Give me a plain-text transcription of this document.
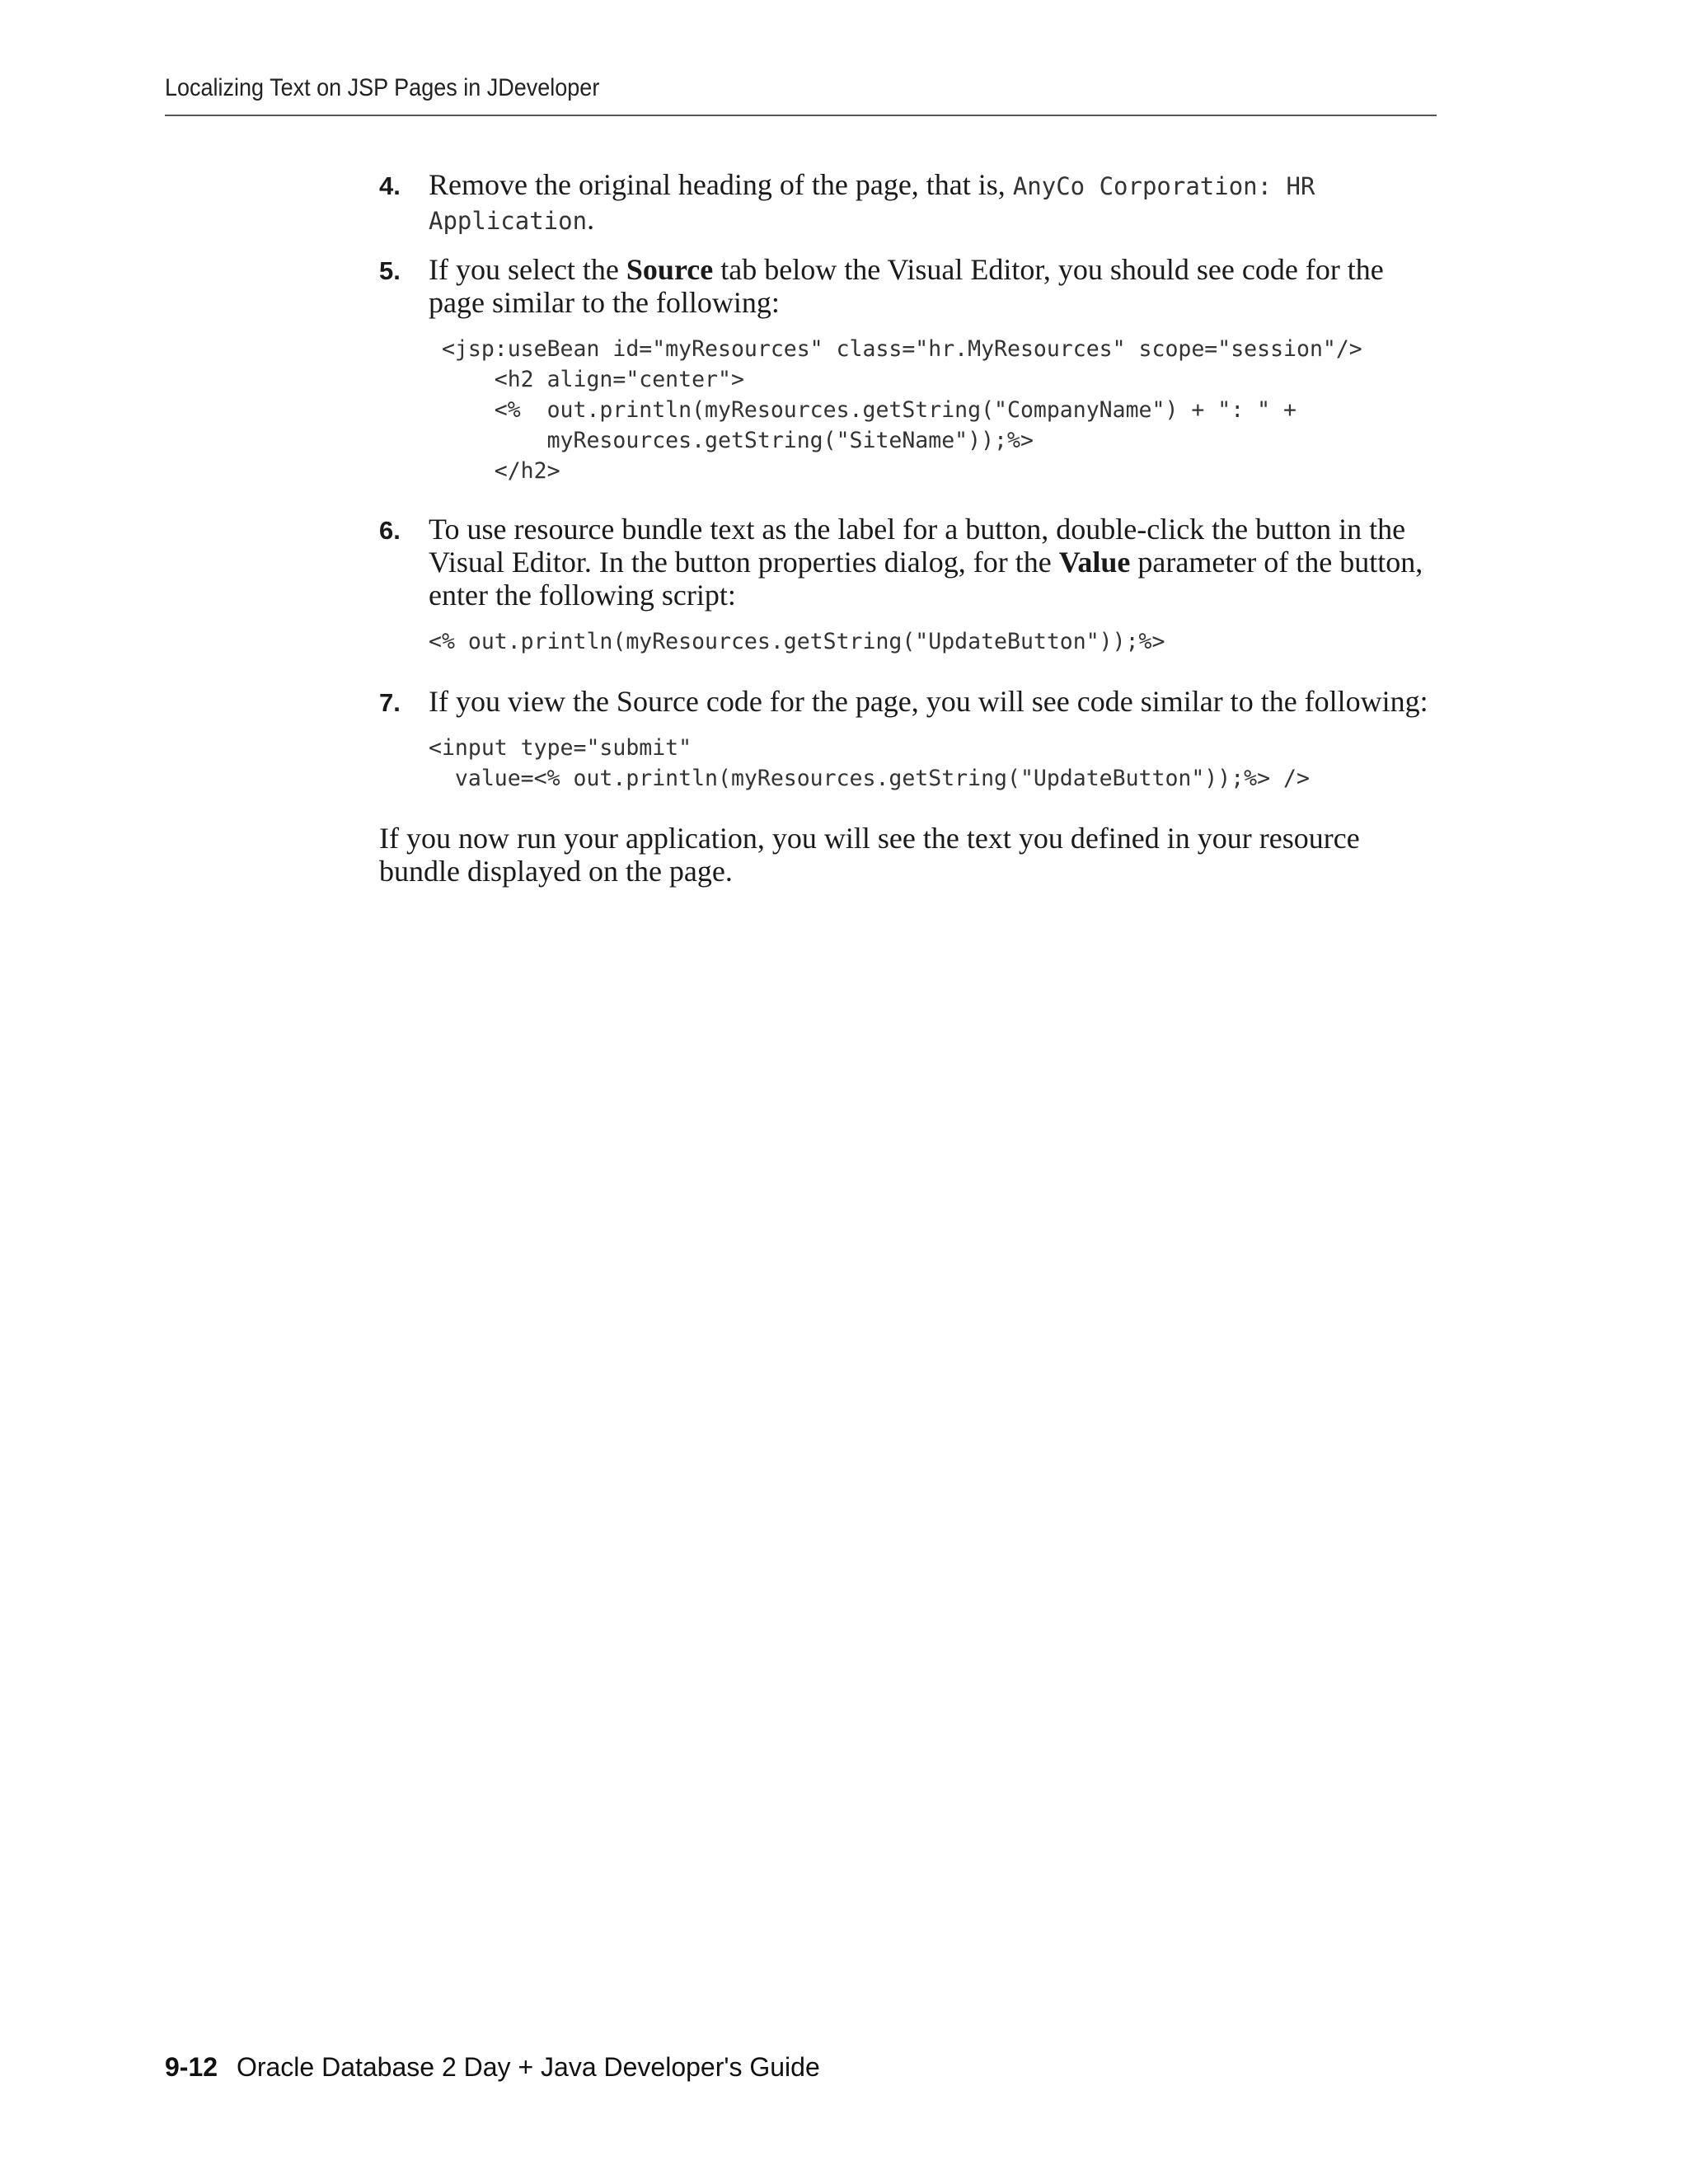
Localizing Text on JSP Pages in JDeveloper
4. Remove the original heading of the page, that is, AnyCo Corporation: HR
Application.
5. If you select the Source tab below the Visual Editor, you should see code for the page similar to the following:
<jsp:useBean id="myResources" class="hr.MyResources" scope="session"/>
<h2 align="center">
<%  out.println(myResources.getString("CompanyName") + ": " +
myResources.getString("SiteName"));%>
</h2>
6. To use resource bundle text as the label for a button, double-click the button in the Visual Editor. In the button properties dialog, for the Value parameter of the button, enter the following script:
<% out.println(myResources.getString("UpdateButton"));%>
7. If you view the Source code for the page, you will see code similar to the following:
<input type="submit"
value=<% out.println(myResources.getString("UpdateButton"));%> />

If you now run your application, you will see the text you defined in your resource bundle displayed on the page.

9-12 Oracle Database 2 Day + Java Developer's Guide
